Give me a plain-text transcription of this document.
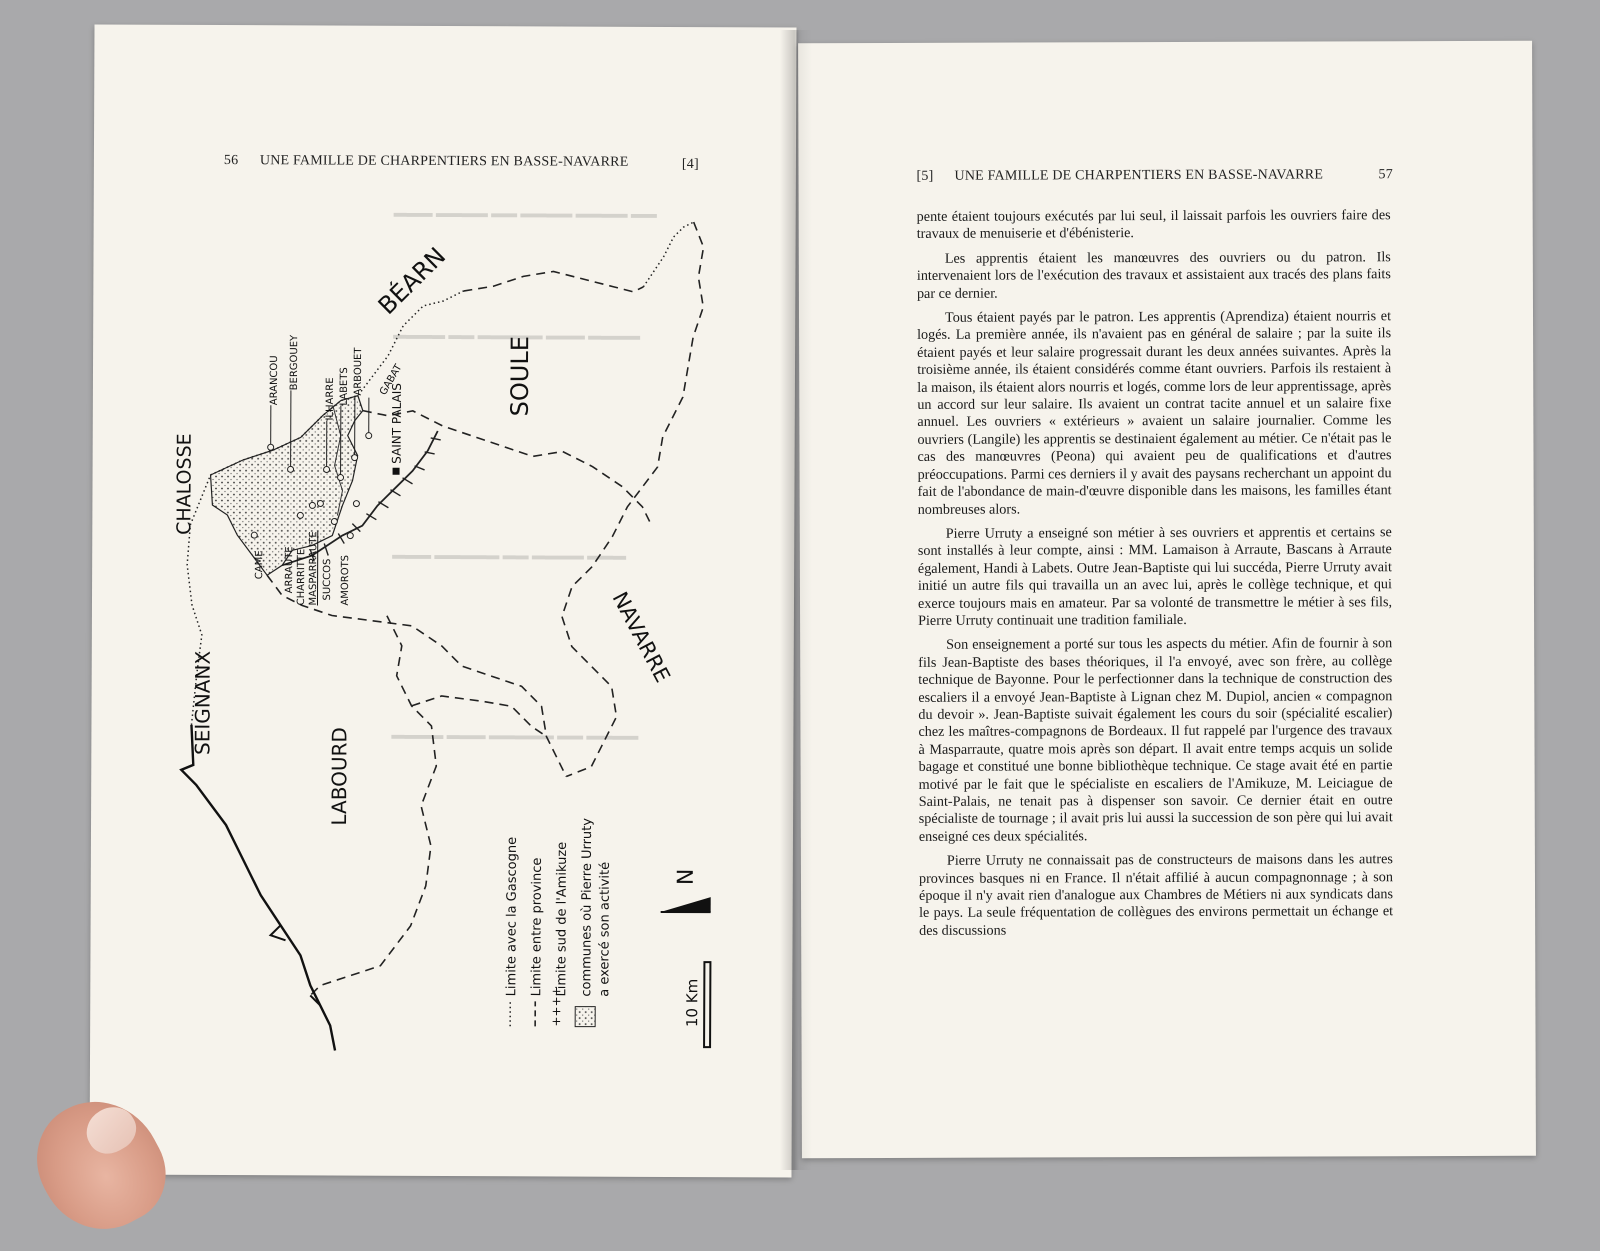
56 UNE FAMILLE DE CHARPENTIERS EN BASSE-NAVARRE	[4]
▬▬▬ ▬▬▬▬ ▬▬ ▬▬▬▬ ▬▬▬▬ ▬▬
▬▬▬▬ ▬▬ ▬▬▬▬▬ ▬▬▬ ▬▬▬▬
▬▬▬ ▬▬▬▬▬ ▬▬ ▬▬▬▬ ▬▬▬
▬▬▬▬ ▬▬▬ ▬▬▬▬▬ ▬▬ ▬▬▬▬
BÉARN
CHALOSSE
SEIGNANX
SOULE
NAVARRE
LABOURD
SAINT PALAIS
ARANCOU BERGOUEY
ILHARRE LABETS ARBOUET GABAT
CAME ARRAUTE CHARRITTE MASPARRAUTE SUCCOS AMOROTS
Limite avec la Gascogne Limite entre province
++++
Limite sud de l'Amikuze communes où Pierre Urruty a exercé son activité	N
10 Km
[5] UNE FAMILLE DE CHARPENTIERS EN BASSE-NAVARRE	57

pente étaient toujours exécutés par lui seul, il laissait parfois les ouvriers faire des travaux de menuiserie et d'ébénisterie.

Les apprentis étaient les manœuvres des ouvriers ou du patron. Ils intervenaient lors de l'exécution des travaux et assistaient aux tracés des plans faits par ce dernier.

Tous étaient payés par le patron. Les apprentis (Aprendiza) étaient nourris et logés. La première année, ils n'avaient pas en général de salaire ; par la suite ils étaient payés et leur salaire progressait durant les deux années suivantes. Après la troisième année, ils étaient considérés comme étant ouvriers. Parfois ils restaient à la maison, ils étaient alors nourris et logés, comme lors de leur apprentissage, après un accord sur leur salaire. Ils avaient un contrat tacite annuel et un salaire fixe annuel. Les ouvriers « extérieurs » avaient un salaire journalier. Comme les ouvriers (Langile) les apprentis se destinaient également au métier. Ce n'était pas le cas des manœuvres (Peona) qui avaient peu de qualifications et d'autres préoccupations. Parmi ces derniers il y avait des paysans recherchant un appoint du fait de l'abondance de main-d'œuvre disponible dans les maisons, les familles étant nombreuses alors.

Pierre Urruty a enseigné son métier à ses ouvriers et apprentis et certains se sont installés à leur compte, ainsi : MM. Lamaison à Arraute, Bascans à Arraute également, Handi à Labets. Outre Jean-Baptiste qui lui succéda, Pierre Urruty avait initié un autre fils qui travailla un an avec lui, après le collège technique, et qui exerce toujours mais en amateur. Par sa volonté de transmettre le métier à ses fils, Pierre Urruty continuait une tradition familiale.

Son enseignement a porté sur tous les aspects du métier. Afin de fournir à son fils Jean-Baptiste des bases théoriques, il l'a envoyé, avec son frère, au collège technique de Bayonne. Pour le perfectionner dans la technique de construction des escaliers il a envoyé Jean-Baptiste à Lignan chez M. Dupiol, ancien « compagnon du devoir ». Jean-Baptiste suivait également les cours du soir (spécialité escalier) chez les maîtres-compagnons de Bordeaux. Il fut rappelé par l'urgence des travaux à Masparraute, quatre mois après son départ. Il avait entre temps acquis un solide bagage et constitué une bonne bibliothèque technique. Ce stage avait été en partie motivé par le fait que le spécialiste en escaliers de l'Amikuze, M. Leiciague de Saint-Palais, ne tenait pas à dispenser son savoir. Ce dernier était en outre spécialiste de tournage ; il avait pris lui aussi la succession de son père qui lui avait enseigné ces deux spécialités.

Pierre Urruty ne connaissait pas de constructeurs de maisons dans les autres provinces basques ni en France. Il n'était affilié à aucun compagnonnage ; à son époque il n'y avait rien d'analogue aux Chambres de Métiers ni aux syndicats dans le pays. La seule fréquentation de collègues des environs permettait un échange et des discussions
